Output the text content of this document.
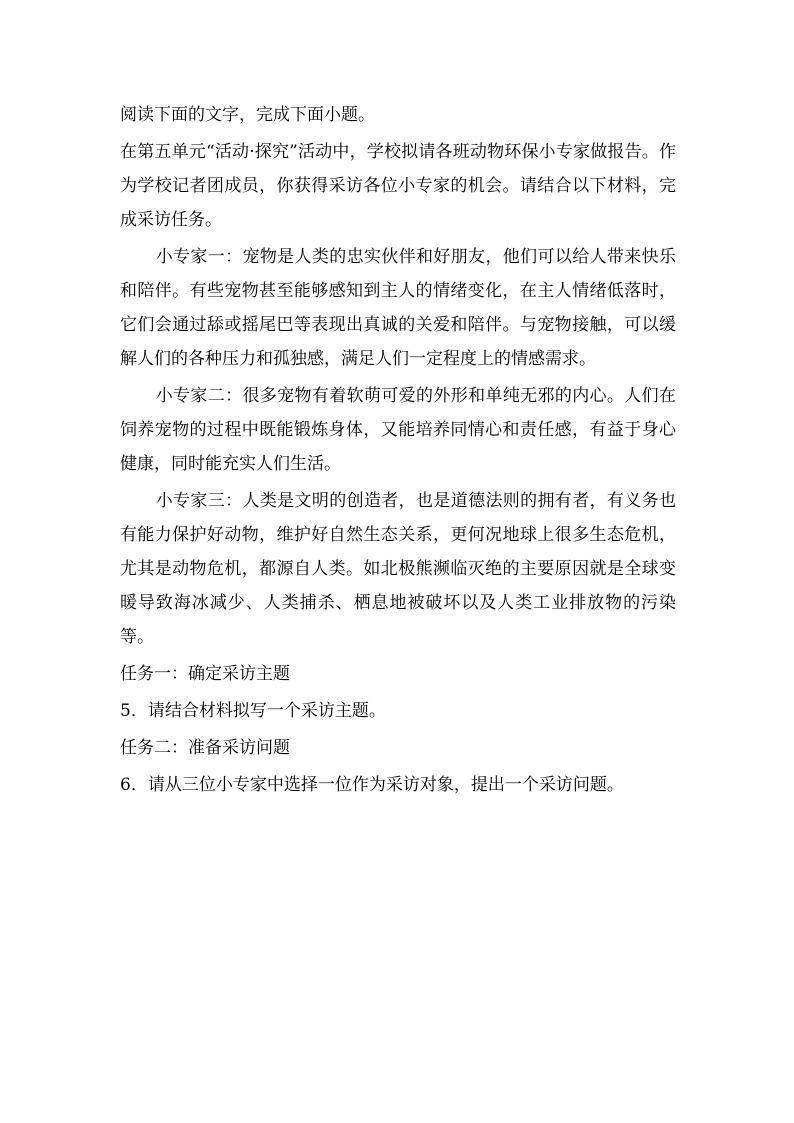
阅读下面的文字，完成下面小题。
在第五单元“活动·探究”活动中，学校拟请各班动物环保小专家做报告。作为学校记者团成员，你获得采访各位小专家的机会。请结合以下材料，完成采访任务。
小专家一：宠物是人类的忠实伙伴和好朋友，他们可以给人带来快乐和陪伴。有些宠物甚至能够感知到主人的情绪变化，在主人情绪低落时，它们会通过舔或摇尾巴等表现出真诚的关爱和陪伴。与宠物接触，可以缓解人们的各种压力和孤独感，满足人们一定程度上的情感需求。
小专家二：很多宠物有着软萌可爱的外形和单纯无邪的内心。人们在饲养宠物的过程中既能锻炼身体，又能培养同情心和责任感，有益于身心健康，同时能充实人们生活。
小专家三：人类是文明的创造者，也是道德法则的拥有者，有义务也有能力保护好动物，维护好自然生态关系，更何况地球上很多生态危机，尤其是动物危机，都源自人类。如北极熊濒临灭绝的主要原因就是全球变暖导致海冰减少、人类捕杀、栖息地被破坏以及人类工业排放物的污染等。
任务一：确定采访主题
5．请结合材料拟写一个采访主题。
任务二：准备采访问题
6．请从三位小专家中选择一位作为采访对象，提出一个采访问题。
